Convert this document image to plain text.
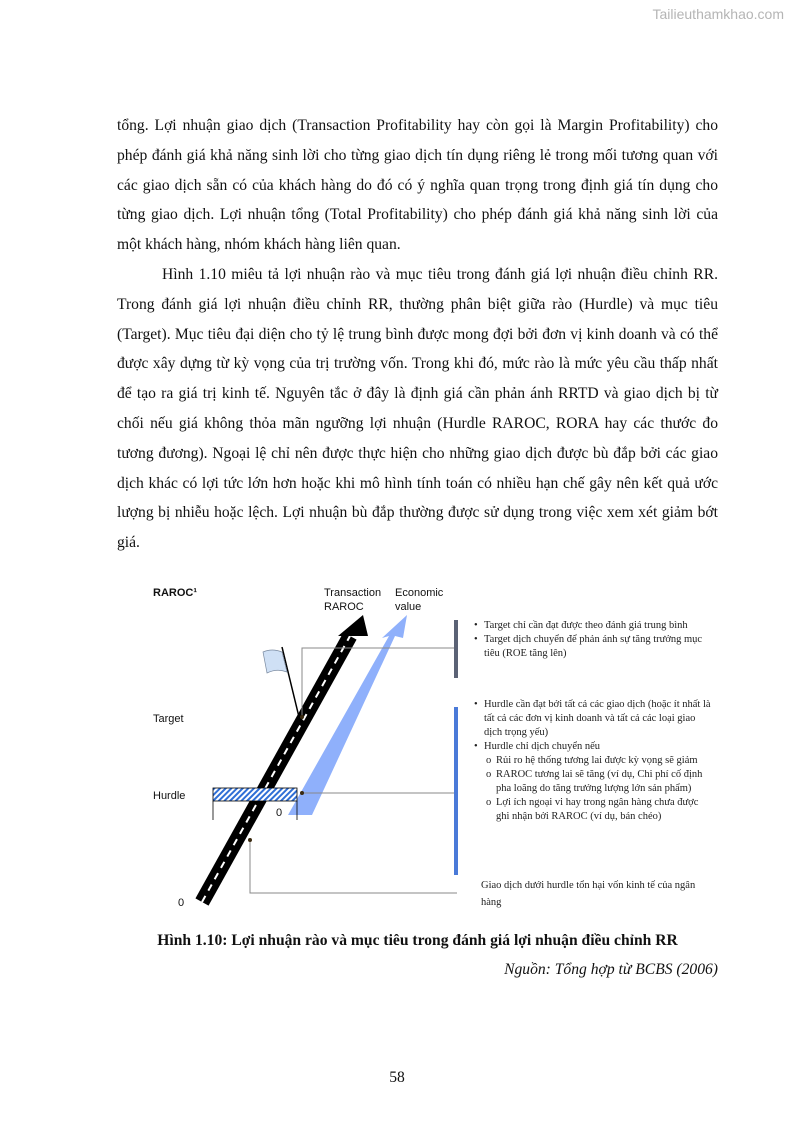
Tailieuthamkhao.com

tổng. Lợi nhuận giao dịch (Transaction Profitability hay còn gọi là Margin Profitability) cho phép đánh giá khả năng sinh lời cho từng giao dịch tín dụng riêng lẻ trong mối tương quan với các giao dịch sẵn có của khách hàng do đó có ý nghĩa quan trọng trong định giá tín dụng cho từng giao dịch. Lợi nhuận tổng (Total Profitability) cho phép đánh giá khả năng sinh lời của một khách hàng, nhóm khách hàng liên quan.

Hình 1.10 miêu tả lợi nhuận rào và mục tiêu trong đánh giá lợi nhuận điều chỉnh RR. Trong đánh giá lợi nhuận điều chỉnh RR, thường phân biệt giữa rào (Hurdle) và mục tiêu (Target). Mục tiêu đại diện cho tỷ lệ trung bình được mong đợi bởi đơn vị kinh doanh và có thể được xây dựng từ kỳ vọng của trị trường vốn. Trong khi đó, mức rào là mức yêu cầu thấp nhất để tạo ra giá trị kinh tế. Nguyên tắc ở đây là định giá cần phản ánh RRTD và giao dịch bị từ chối nếu giá không thỏa mãn ngưỡng lợi nhuận (Hurdle RAROC, RORA hay các thước đo tương đương). Ngoại lệ chỉ nên được thực hiện cho những giao dịch được bù đắp bởi các giao dịch khác có lợi tức lớn hơn hoặc khi mô hình tính toán có nhiều hạn chế gây nên kết quả ước lượng bị nhiễu hoặc lệch. Lợi nhuận bù đắp thường được sử dụng trong việc xem xét giảm bớt giá.

RAROC¹	Transaction
RAROC
Economic
value
Target
Hurdle
0
0
• Target chỉ cần đạt được theo đánh giá trung bình
• Target dịch chuyển để phản ánh sự tăng trưởng mục tiêu (ROE tăng lên)
• Hurdle cần đạt bởi tất cả các giao dịch (hoặc ít nhất là tất cả các đơn vị kinh doanh và tất cả các loại giao dịch trọng yếu)
• Hurdle chỉ dịch chuyển nếu
o Rủi ro hệ thống tương lai được kỳ vọng sẽ giảm
o RAROC tương lai sẽ tăng (ví dụ, Chi phí cố định pha loãng do tăng trưởng lượng lớn sản phẩm)
o Lợi ích ngoại vi hay trong ngân hàng chưa được ghi nhận bởi RAROC (ví dụ, bán chéo)
Giao dịch dưới hurdle tổn hại vốn kinh tế của ngân hàng
Hình 1.10: Lợi nhuận rào và mục tiêu trong đánh giá lợi nhuận điều chỉnh RR
Nguồn: Tổng hợp từ BCBS (2006)
58
